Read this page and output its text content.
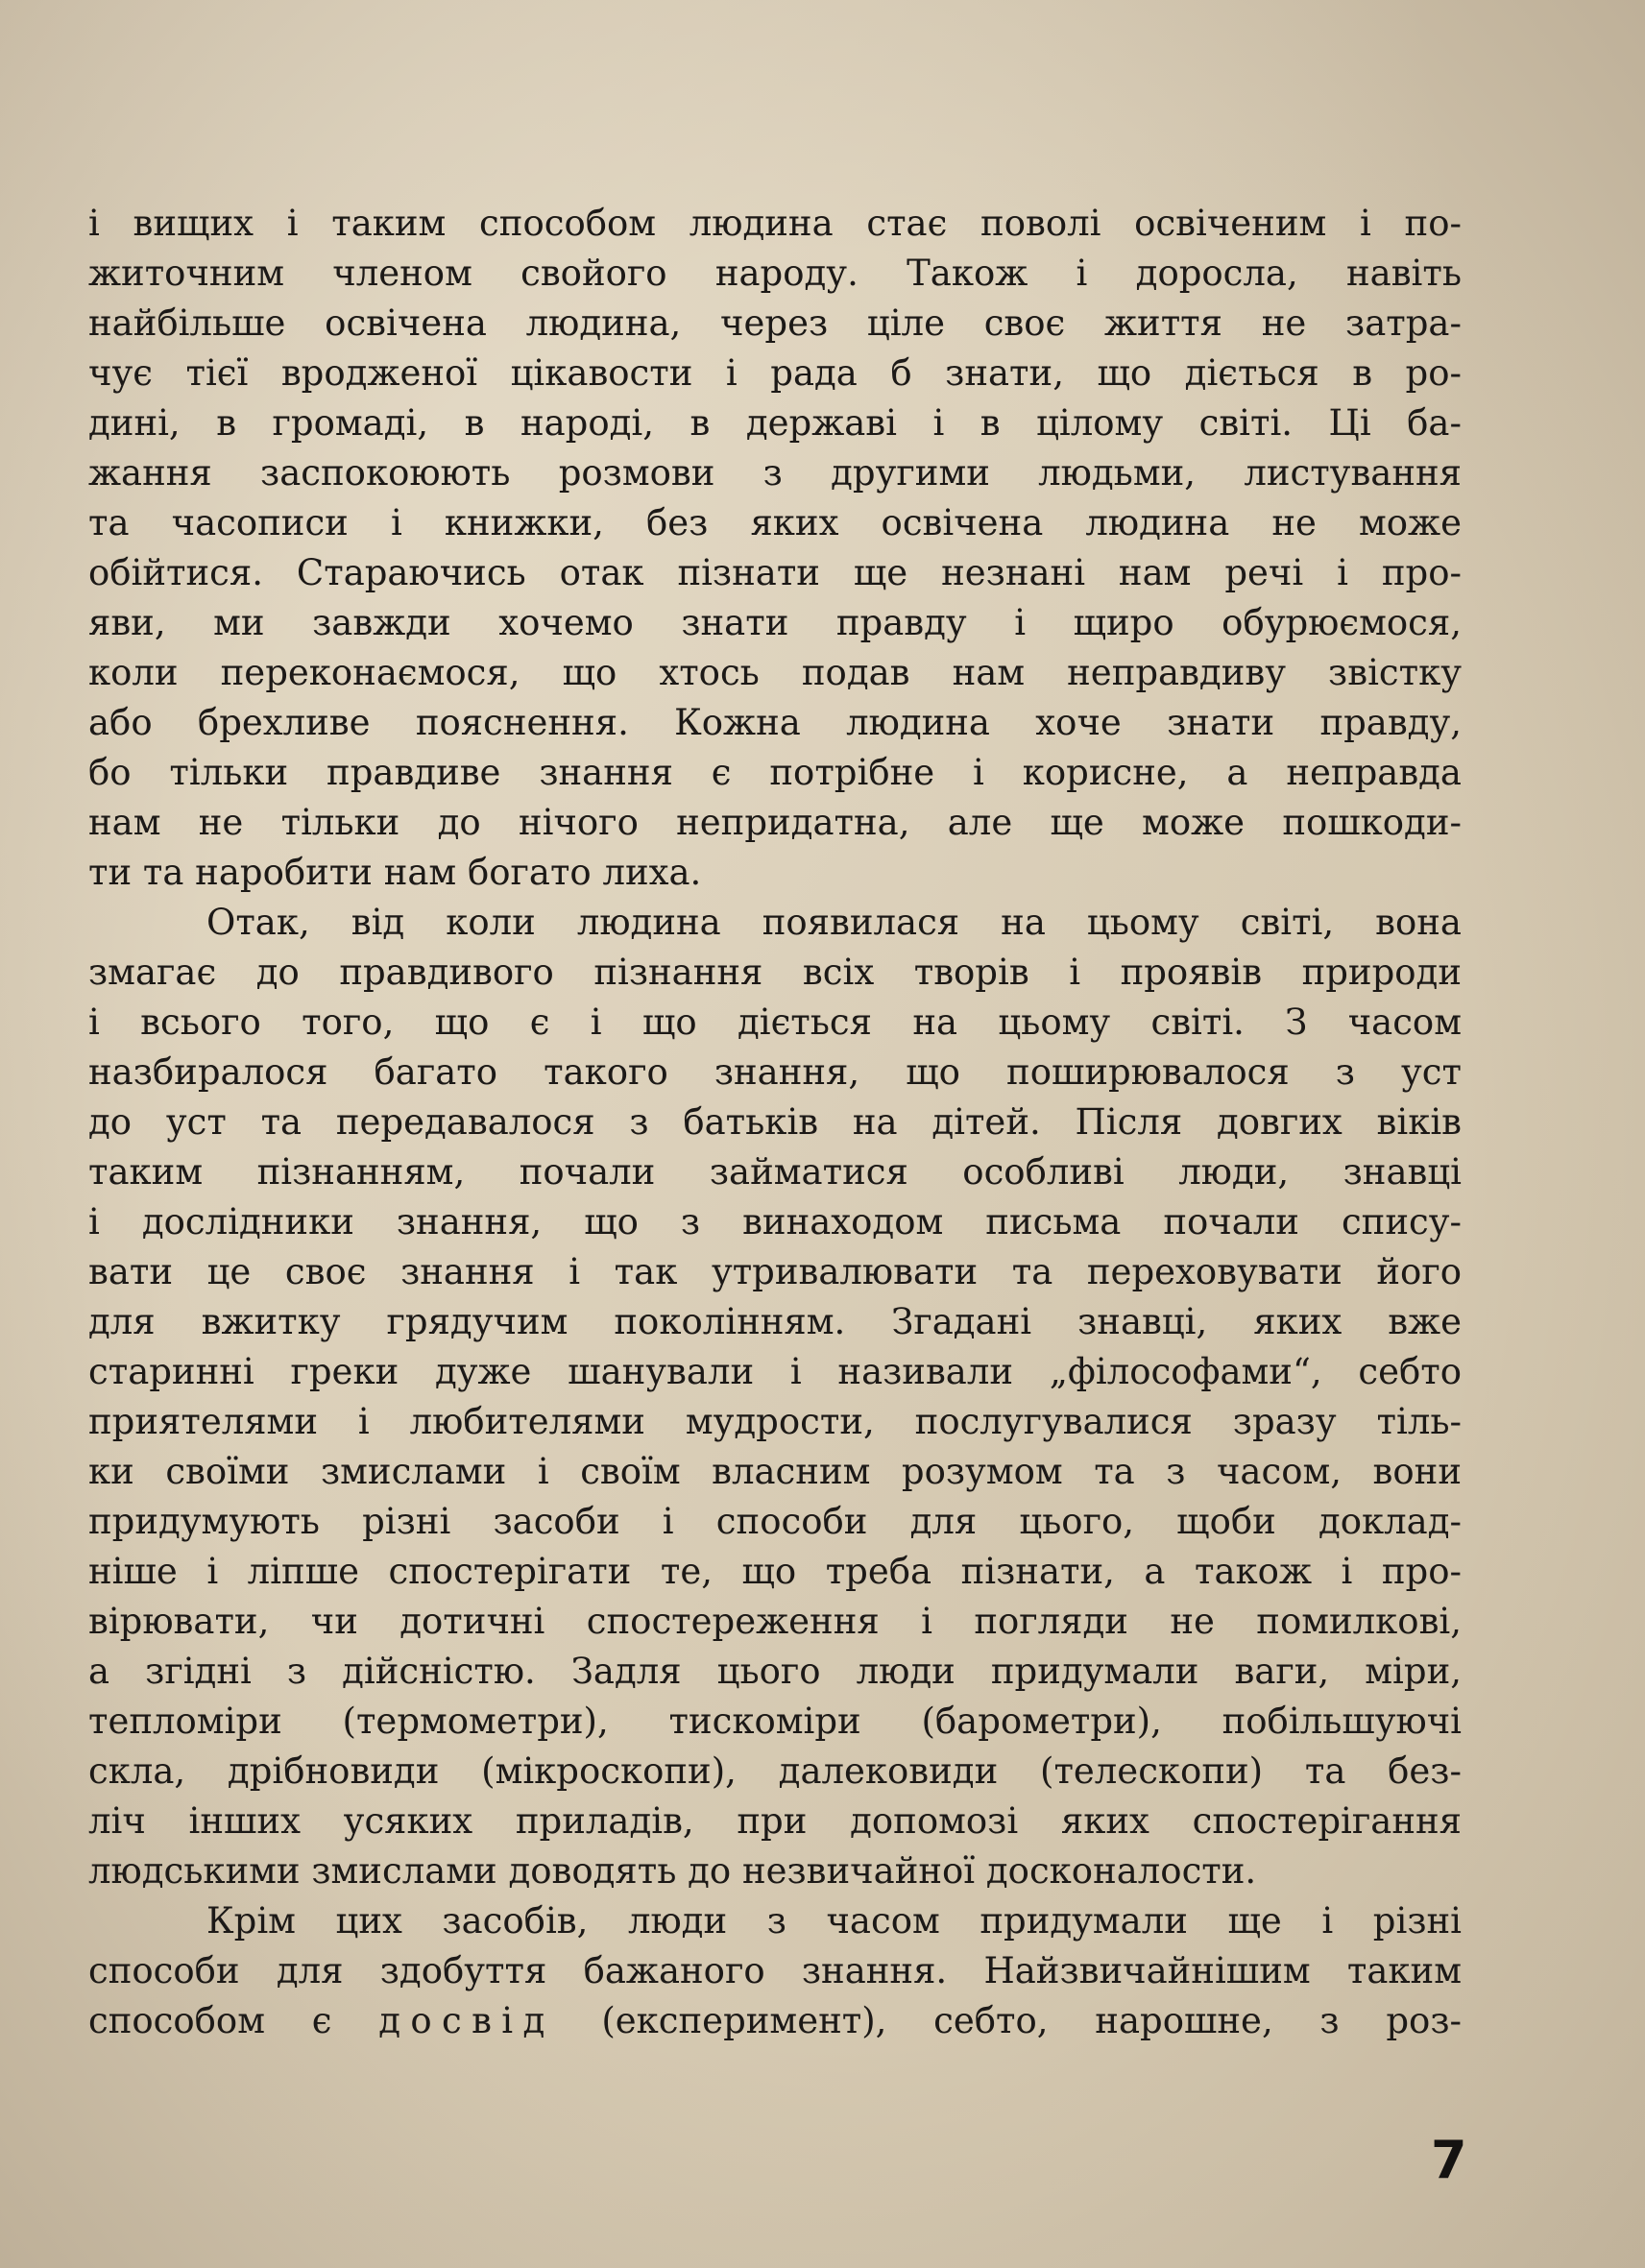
і вищих і таким способом людина стає поволі освіченим і по-
житочним членом свойого народу. Також і доросла, навіть
найбільше освічена людина, через ціле своє життя не затра-
чує тієї вродженої цікавости і рада б знати, що діється в ро-
дині, в громаді, в народі, в державі і в цілому світі. Ці ба-
жання заспокоюють розмови з другими людьми, листування
та часописи і книжки, без яких освічена людина не може
обійтися. Стараючись отак пізнати ще незнані нам речі і про-
яви, ми завжди хочемо знати правду і щиро обурюємося,
коли переконаємося, що хтось подав нам неправдиву звістку
або брехливе пояснення. Кожна людина хоче знати правду,
бо тільки правдиве знання є потрібне і корисне, а неправда
нам не тільки до нічого непридатна, але ще може пошкоди-
ти та наробити нам богато лиха.
Отак, від коли людина появилася на цьому світі, вона
змагає до правдивого пізнання всіх творів і проявів природи
і всього того, що є і що діється на цьому світі. З часом
назбиралося багато такого знання, що поширювалося з уст
до уст та передавалося з батьків на дітей. Після довгих віків
таким пізнанням, почали займатися особливі люди, знавці
і дослідники знання, що з винаходом письма почали спису-
вати це своє знання і так утривалювати та переховувати його
для вжитку грядучим поколінням. Згадані знавці, яких вже
старинні греки дуже шанували і називали „філософами“, себто
приятелями і любителями мудрости, послугувалися зразу тіль-
ки своїми змислами і своїм власним розумом та з часом, вони
придумують різні засоби і способи для цього, щоби доклад-
ніше і ліпше спостерігати те, що треба пізнати, а також і про-
вірювати, чи дотичні спостереження і погляди не помилкові,
а згідні з дійсністю. Задля цього люди придумали ваги, міри,
тепломіри (термометри), тискоміри (барометри), побільшуючі
скла, дрібновиди (мікроскопи), далековиди (телескопи) та без-
ліч інших усяких приладів, при допомозі яких спостерігання
людськими змислами доводять до незвичайної досконалости.
Крім цих засобів, люди з часом придумали ще і різні
способи для здобуття бажаного знання. Найзвичайнішим таким
способом є досвід (експеримент), себто, нарошне, з роз-
7
